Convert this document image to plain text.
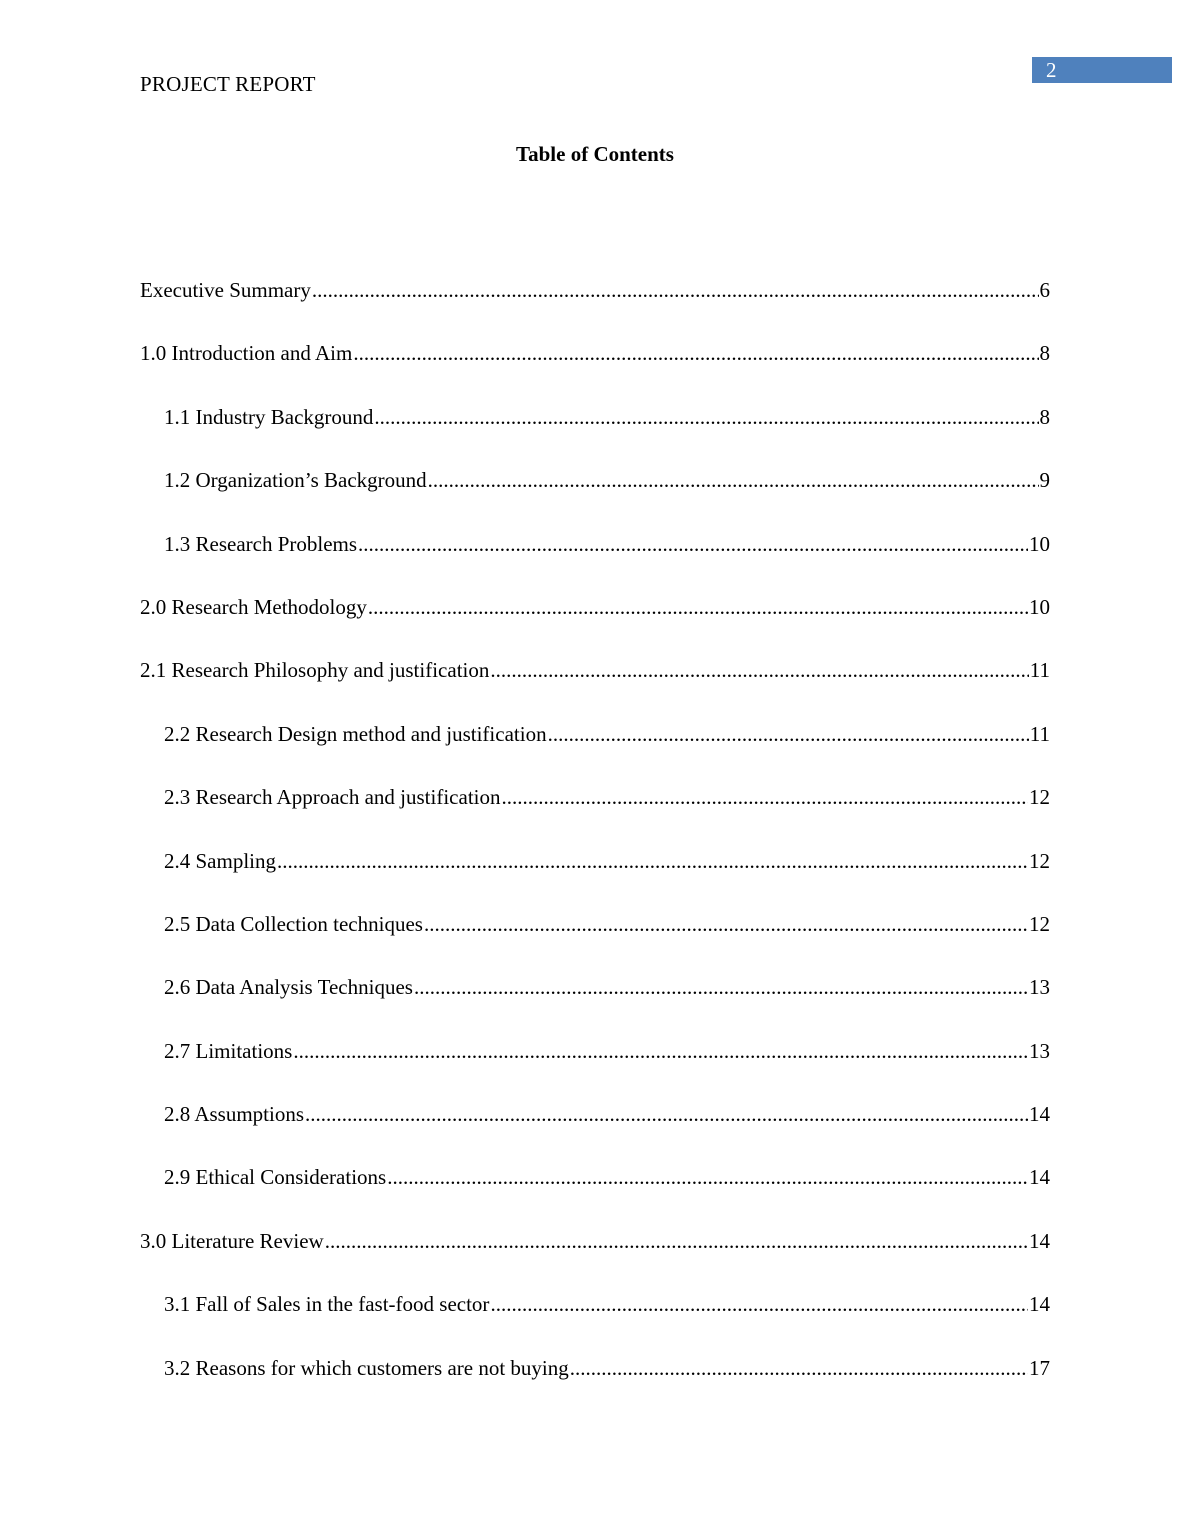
2
PROJECT REPORT
Table of Contents
Executive Summary .....	6
1.0 Introduction and Aim .....	8
1.1 Industry Background .....	8
1.2 Organization’s Background .....	9
1.3 Research Problems .....	10
2.0 Research Methodology .....	10
2.1 Research Philosophy and justification .....	11
2.2 Research Design method and justification .....	11
2.3 Research Approach and justification .....	12
2.4 Sampling .....	12
2.5 Data Collection techniques .....	12
2.6 Data Analysis Techniques .....	13
2.7 Limitations .....	13
2.8 Assumptions .....	14
2.9 Ethical Considerations .....	14
3.0 Literature Review .....	14
3.1 Fall of Sales in the fast-food sector .....	14
3.2 Reasons for which customers are not buying .....	17
